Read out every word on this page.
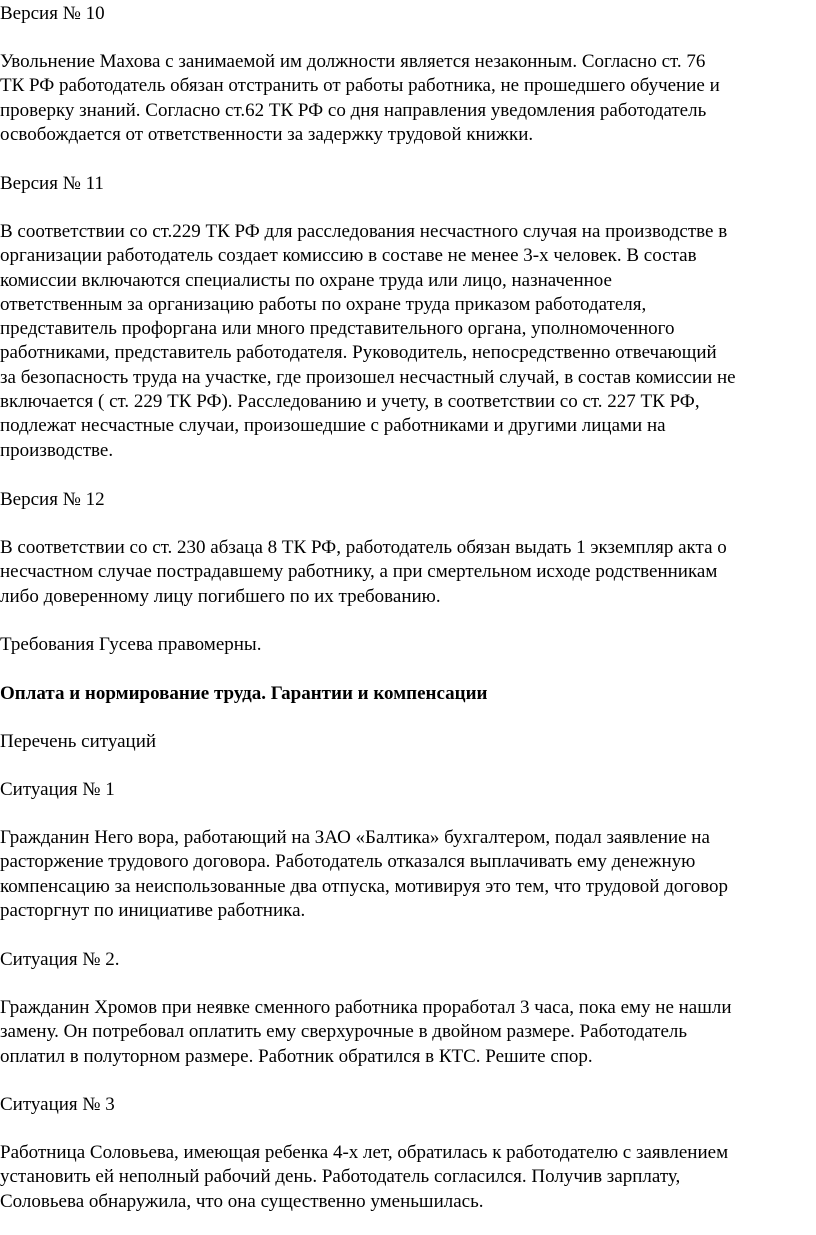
Версия № 10

Увольнение Махова с занимаемой им должности является незаконным. Согласно ст. 76
ТК РФ работодатель обязан отстранить от работы работника, не прошедшего обучение и
проверку знаний. Согласно ст.62 ТК РФ со дня направления уведомления работодатель
освобождается от ответственности за задержку трудовой книжки.

Версия № 11

В соответствии со ст.229 ТК РФ для расследования несчастного случая на производстве в
организации работодатель создает комиссию в составе не менее 3-х человек. В состав
комиссии включаются специалисты по охране труда или лицо, назначенное
ответственным за организацию работы по охране труда приказом работодателя,
представитель профоргана или много представительного органа, уполномоченного
работниками, представитель работодателя. Руководитель, непосредственно отвечающий
за безопасность труда на участке, где произошел несчастный случай, в состав комиссии не
включается ( ст. 229 ТК РФ). Расследованию и учету, в соответствии со ст. 227 ТК РФ,
подлежат несчастные случаи, произошедшие с работниками и другими лицами на
производстве.

Версия № 12

В соответствии со ст. 230 абзаца 8 ТК РФ, работодатель обязан выдать 1 экземпляр акта о
несчастном случае пострадавшему работнику, а при смертельном исходе родственникам
либо доверенному лицу погибшего по их требованию.

Требования Гусева правомерны.

Оплата и нормирование труда. Гарантии и компенсации

Перечень ситуаций

Ситуация № 1

Гражданин Него вора, работающий на ЗАО «Балтика» бухгалтером, подал заявление на
расторжение трудового договора. Работодатель отказался выплачивать ему денежную
компенсацию за неиспользованные два отпуска, мотивируя это тем, что трудовой договор
расторгнут по инициативе работника.

Ситуация № 2.

Гражданин Хромов при неявке сменного работника проработал 3 часа, пока ему не нашли
замену. Он потребовал оплатить ему сверхурочные в двойном размере. Работодатель
оплатил в полуторном размере. Работник обратился в КТС. Решите спор.

Ситуация № 3

Работница Соловьева, имеющая ребенка 4-х лет, обратилась к работодателю с заявлением
установить ей неполный рабочий день. Работодатель согласился. Получив зарплату,
Соловьева обнаружила, что она существенно уменьшилась.
